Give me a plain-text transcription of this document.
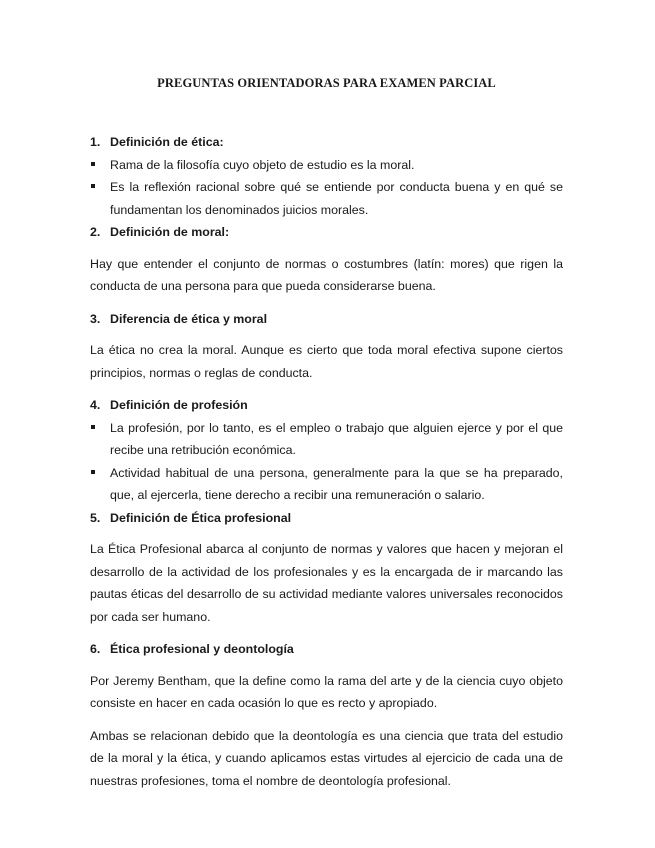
PREGUNTAS ORIENTADORAS PARA EXAMEN PARCIAL
1. Definición de ética:
Rama de la filosofía cuyo objeto de estudio es la moral.
Es la reflexión racional sobre qué se entiende por conducta buena y en qué se fundamentan los denominados juicios morales.
2. Definición de moral:

Hay que entender el conjunto de normas o costumbres (latín: mores) que rigen la conducta de una persona para que pueda considerarse buena.

3. Diferencia de ética y moral

La ética no crea la moral. Aunque es cierto que toda moral efectiva supone ciertos principios, normas o reglas de conducta.

4. Definición de profesión
La profesión, por lo tanto, es el empleo o trabajo que alguien ejerce y por el que recibe una retribución económica.
Actividad habitual de una persona, generalmente para la que se ha preparado, que, al ejercerla, tiene derecho a recibir una remuneración o salario.
5. Definición de Ética profesional

La Ética Profesional abarca al conjunto de normas y valores que hacen y mejoran el desarrollo de la actividad de los profesionales y es la encargada de ir marcando las pautas éticas del desarrollo de su actividad mediante valores universales reconocidos por cada ser humano.

6. Ética profesional y deontología

Por Jeremy Bentham, que la define como la rama del arte y de la ciencia cuyo objeto consiste en hacer en cada ocasión lo que es recto y apropiado.

Ambas se relacionan debido que la deontología es una ciencia que trata del estudio de la moral y la ética, y cuando aplicamos estas virtudes al ejercicio de cada una de nuestras profesiones, toma el nombre de deontología profesional.
